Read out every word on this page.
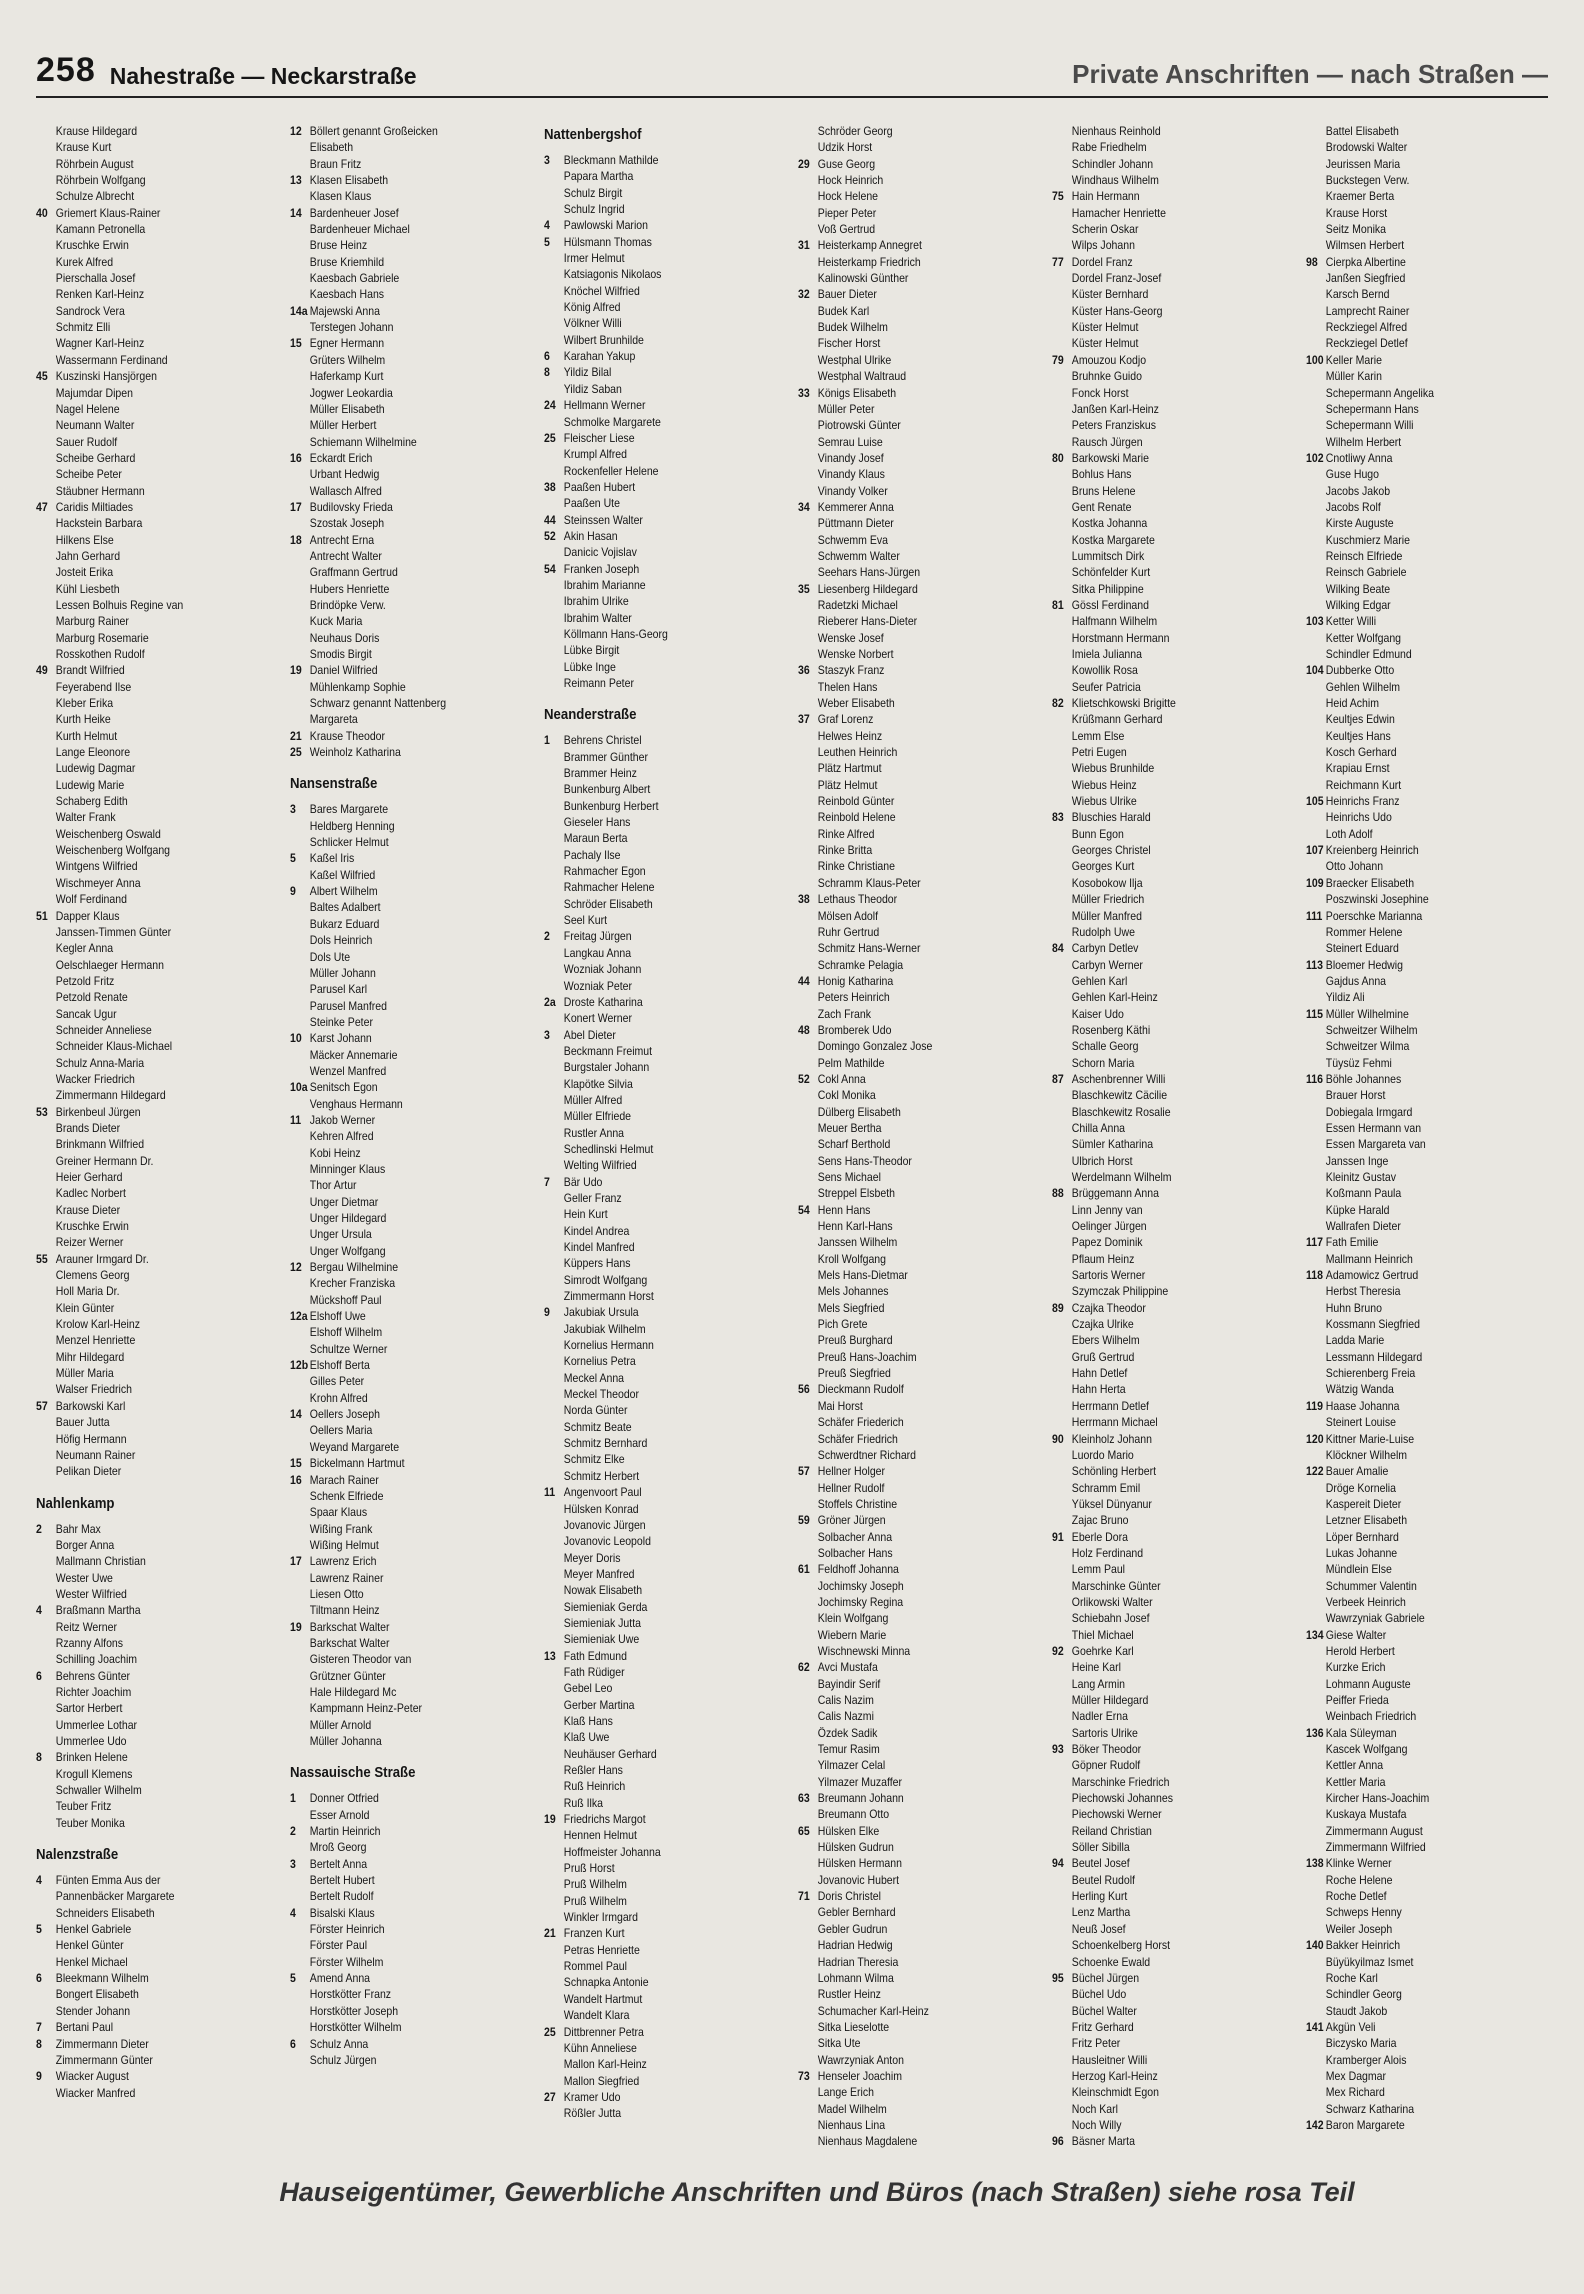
258 Nahestraße — Neckarstraße	Private Anschriften — nach Straßen —
Krause Hildegard
Krause Kurt
Röhrbein August
Röhrbein Wolfgang
Schulze Albrecht
40 Griemert Klaus-Rainer
Kamann Petronella
Kruschke Erwin
Kurek Alfred
Pierschalla Josef
Renken Karl-Heinz
Sandrock Vera
Schmitz Elli
Wagner Karl-Heinz
Wassermann Ferdinand
45 Kuszinski Hansjörgen
Majumdar Dipen
Nagel Helene
Neumann Walter
Sauer Rudolf
Scheibe Gerhard
Scheibe Peter
Stäubner Hermann
47 Caridis Miltiades
Hackstein Barbara
Hilkens Else
Jahn Gerhard
Josteit Erika
Kühl Liesbeth
Lessen Bolhuis Regine van
Marburg Rainer
Marburg Rosemarie
Rosskothen Rudolf
49 Brandt Wilfried
Feyerabend Ilse
Kleber Erika
Kurth Heike
Kurth Helmut
Lange Eleonore
Ludewig Dagmar
Ludewig Marie
Schaberg Edith
Walter Frank
Weischenberg Oswald
Weischenberg Wolfgang
Wintgens Wilfried
Wischmeyer Anna
Wolf Ferdinand
51 Dapper Klaus
Janssen-Timmen Günter
Kegler Anna
Oelschlaeger Hermann
Petzold Fritz
Petzold Renate
Sancak Ugur
Schneider Anneliese
Schneider Klaus-Michael
Schulz Anna-Maria
Wacker Friedrich
Zimmermann Hildegard
53 Birkenbeul Jürgen
Brands Dieter
Brinkmann Wilfried
Greiner Hermann Dr.
Heier Gerhard
Kadlec Norbert
Krause Dieter
Kruschke Erwin
Reizer Werner
55 Arauner Irmgard Dr.
Clemens Georg
Holl Maria Dr.
Klein Günter
Krolow Karl-Heinz
Menzel Henriette
Mihr Hildegard
Müller Maria
Walser Friedrich
57 Barkowski Karl
Bauer Jutta
Höfig Hermann
Neumann Rainer
Pelikan Dieter
Nahlenkamp
2	Bahr Max
Borger Anna
Mallmann Christian
Wester Uwe
Wester Wilfried
4	Braßmann Martha
Reitz Werner
Rzanny Alfons
Schilling Joachim
6	Behrens Günter
Richter Joachim
Sartor Herbert
Ummerlee Lothar
Ummerlee Udo
8	Brinken Helene
Krogull Klemens
Schwaller Wilhelm
Teuber Fritz
Teuber Monika
Nalenzstraße
4	Fünten Emma Aus der
Pannenbäcker Margarete
Schneiders Elisabeth
5	Henkel Gabriele
Henkel Günter
Henkel Michael
6	Bleekmann Wilhelm
Bongert Elisabeth
Stender Johann
7	Bertani Paul
8	Zimmermann Dieter
Zimmermann Günter
9	Wiacker August
Wiacker Manfred
12 Böllert genannt Großeicken
Elisabeth
Braun Fritz
13 Klasen Elisabeth
Klasen Klaus
14 Bardenheuer Josef
Bardenheuer Michael
Bruse Heinz
Bruse Kriemhild
Kaesbach Gabriele
Kaesbach Hans
14a Majewski Anna
Terstegen Johann
15 Egner Hermann
Grüters Wilhelm
Haferkamp Kurt
Jogwer Leokardia
Müller Elisabeth
Müller Herbert
Schiemann Wilhelmine
16 Eckardt Erich
Urbant Hedwig
Wallasch Alfred
17 Budilovsky Frieda
Szostak Joseph
18 Antrecht Erna
Antrecht Walter
Graffmann Gertrud
Hubers Henriette
Brindöpke Verw.
Kuck Maria
Neuhaus Doris
Smodis Birgit
19 Daniel Wilfried
Mühlenkamp Sophie
Schwarz genannt Nattenberg
Margareta
21 Krause Theodor
25 Weinholz Katharina
Nansenstraße
3	Bares Margarete
Heldberg Henning
Schlicker Helmut
5	Kaßel Iris
Kaßel Wilfried
9	Albert Wilhelm
Baltes Adalbert
Bukarz Eduard
Dols Heinrich
Dols Ute
Müller Johann
Parusel Karl
Parusel Manfred
Steinke Peter
10 Karst Johann
Mäcker Annemarie
Wenzel Manfred
10a Senitsch Egon
Venghaus Hermann
11 Jakob Werner
Kehren Alfred
Kobi Heinz
Minninger Klaus
Thor Artur
Unger Dietmar
Unger Hildegard
Unger Ursula
Unger Wolfgang
12 Bergau Wilhelmine
Krecher Franziska
Mückshoff Paul
12a Elshoff Uwe
Elshoff Wilhelm
Schultze Werner
12b Elshoff Berta
Gilles Peter
Krohn Alfred
14 Oellers Joseph
Oellers Maria
Weyand Margarete
15 Bickelmann Hartmut
16 Marach Rainer
Schenk Elfriede
Spaar Klaus
Wißing Frank
Wißing Helmut
17 Lawrenz Erich
Lawrenz Rainer
Liesen Otto
Tiltmann Heinz
19 Barkschat Walter
Barkschat Walter
Gisteren Theodor van
Grützner Günter
Hale Hildegard Mc
Kampmann Heinz-Peter
Müller Arnold
Müller Johanna
Nassauische Straße
1	Donner Otfried
Esser Arnold
2	Martin Heinrich
Mroß Georg
3	Bertelt Anna
Bertelt Hubert
Bertelt Rudolf
4	Bisalski Klaus
Förster Heinrich
Förster Paul
Förster Wilhelm
5	Amend Anna
Horstkötter Franz
Horstkötter Joseph
Horstkötter Wilhelm
6	Schulz Anna
Schulz Jürgen
Nattenbergshof
3	Bleckmann Mathilde
Papara Martha
Schulz Birgit
Schulz Ingrid
4	Pawlowski Marion
5	Hülsmann Thomas
Irmer Helmut
Katsiagonis Nikolaos
Knöchel Wilfried
König Alfred
Völkner Willi
Wilbert Brunhilde
6	Karahan Yakup
8	Yildiz Bilal
Yildiz Saban
24 Hellmann Werner
Schmolke Margarete
25 Fleischer Liese
Krumpl Alfred
Rockenfeller Helene
38 Paaßen Hubert
Paaßen Ute
44 Steinssen Walter
52 Akin Hasan
Danicic Vojislav
54 Franken Joseph
Ibrahim Marianne
Ibrahim Ulrike
Ibrahim Walter
Köllmann Hans-Georg
Lübke Birgit
Lübke Inge
Reimann Peter
Neanderstraße
1	Behrens Christel
Brammer Günther
Brammer Heinz
Bunkenburg Albert
Bunkenburg Herbert
Gieseler Hans
Maraun Berta
Pachaly Ilse
Rahmacher Egon
Rahmacher Helene
Schröder Elisabeth
Seel Kurt
2	Freitag Jürgen
Langkau Anna
Wozniak Johann
Wozniak Peter
2a Droste Katharina
Konert Werner
3	Abel Dieter
Beckmann Freimut
Burgstaler Johann
Klapötke Silvia
Müller Alfred
Müller Elfriede
Rustler Anna
Schedlinski Helmut
Welting Wilfried
7	Bär Udo
Geller Franz
Hein Kurt
Kindel Andrea
Kindel Manfred
Küppers Hans
Simrodt Wolfgang
Zimmermann Horst
9	Jakubiak Ursula
Jakubiak Wilhelm
Kornelius Hermann
Kornelius Petra
Meckel Anna
Meckel Theodor
Norda Günter
Schmitz Beate
Schmitz Bernhard
Schmitz Elke
Schmitz Herbert
11 Angenvoort Paul
Hülsken Konrad
Jovanovic Jürgen
Jovanovic Leopold
Meyer Doris
Meyer Manfred
Nowak Elisabeth
Siemieniak Gerda
Siemieniak Jutta
Siemieniak Uwe
13 Fath Edmund
Fath Rüdiger
Gebel Leo
Gerber Martina
Klaß Hans
Klaß Uwe
Neuhäuser Gerhard
Reßler Hans
Ruß Heinrich
Ruß Ilka
19 Friedrichs Margot
Hennen Helmut
Hoffmeister Johanna
Pruß Horst
Pruß Wilhelm
Pruß Wilhelm
Winkler Irmgard
21 Franzen Kurt
Petras Henriette
Rommel Paul
Schnapka Antonie
Wandelt Hartmut
Wandelt Klara
25 Dittbrenner Petra
Kühn Anneliese
Mallon Karl-Heinz
Mallon Siegfried
27 Kramer Udo
Rößler Jutta
Schröder Georg
Udzik Horst
29 Guse Georg
Hock Heinrich
Hock Helene
Pieper Peter
Voß Gertrud
31 Heisterkamp Annegret
Heisterkamp Friedrich
Kalinowski Günther
32 Bauer Dieter
Budek Karl
Budek Wilhelm
Fischer Horst
Westphal Ulrike
Westphal Waltraud
33 Königs Elisabeth
Müller Peter
Piotrowski Günter
Semrau Luise
Vinandy Josef
Vinandy Klaus
Vinandy Volker
34 Kemmerer Anna
Püttmann Dieter
Schwemm Eva
Schwemm Walter
Seehars Hans-Jürgen
35 Liesenberg Hildegard
Radetzki Michael
Rieberer Hans-Dieter
Wenske Josef
Wenske Norbert
36 Staszyk Franz
Thelen Hans
Weber Elisabeth
37 Graf Lorenz
Helwes Heinz
Leuthen Heinrich
Plätz Hartmut
Plätz Helmut
Reinbold Günter
Reinbold Helene
Rinke Alfred
Rinke Britta
Rinke Christiane
Schramm Klaus-Peter
38 Lethaus Theodor
Mölsen Adolf
Ruhr Gertrud
Schmitz Hans-Werner
Schramke Pelagia
44 Honig Katharina
Peters Heinrich
Zach Frank
48 Bromberek Udo
Domingo Gonzalez Jose
Pelm Mathilde
52 Cokl Anna
Cokl Monika
Dülberg Elisabeth
Meuer Bertha
Scharf Berthold
Sens Hans-Theodor
Sens Michael
Streppel Elsbeth
54 Henn Hans
Henn Karl-Hans
Janssen Wilhelm
Kroll Wolfgang
Mels Hans-Dietmar
Mels Johannes
Mels Siegfried
Pich Grete
Preuß Burghard
Preuß Hans-Joachim
Preuß Siegfried
56 Dieckmann Rudolf
Mai Horst
Schäfer Friederich
Schäfer Friedrich
Schwerdtner Richard
57 Hellner Holger
Hellner Rudolf
Stoffels Christine
59 Gröner Jürgen
Solbacher Anna
Solbacher Hans
61 Feldhoff Johanna
Jochimsky Joseph
Jochimsky Regina
Klein Wolfgang
Wiebern Marie
Wischnewski Minna
62 Avci Mustafa
Bayindir Serif
Calis Nazim
Calis Nazmi
Özdek Sadik
Temur Rasim
Yilmazer Celal
Yilmazer Muzaffer
63 Breumann Johann
Breumann Otto
65 Hülsken Elke
Hülsken Gudrun
Hülsken Hermann
Jovanovic Hubert
71 Doris Christel
Gebler Bernhard
Gebler Gudrun
Hadrian Hedwig
Hadrian Theresia
Lohmann Wilma
Rustler Heinz
Schumacher Karl-Heinz
Sitka Lieselotte
Sitka Ute
Wawrzyniak Anton
73 Henseler Joachim
Lange Erich
Madel Wilhelm
Nienhaus Lina
Nienhaus Magdalene
Nienhaus Reinhold
Rabe Friedhelm
Schindler Johann
Windhaus Wilhelm
75 Hain Hermann
Hamacher Henriette
Scherin Oskar
Wilps Johann
77 Dordel Franz
Dordel Franz-Josef
Küster Bernhard
Küster Hans-Georg
Küster Helmut
Küster Helmut
79 Amouzou Kodjo
Bruhnke Guido
Fonck Horst
Janßen Karl-Heinz
Peters Franziskus
Rausch Jürgen
80 Barkowski Marie
Bohlus Hans
Bruns Helene
Gent Renate
Kostka Johanna
Kostka Margarete
Lummitsch Dirk
Schönfelder Kurt
Sitka Philippine
81 Gössl Ferdinand
Halfmann Wilhelm
Horstmann Hermann
Imiela Julianna
Kowollik Rosa
Seufer Patricia
82 Klietschkowski Brigitte
Krüßmann Gerhard
Lemm Else
Petri Eugen
Wiebus Brunhilde
Wiebus Heinz
Wiebus Ulrike
83 Bluschies Harald
Bunn Egon
Georges Christel
Georges Kurt
Kosobokow Ilja
Müller Friedrich
Müller Manfred
Rudolph Uwe
84 Carbyn Detlev
Carbyn Werner
Gehlen Karl
Gehlen Karl-Heinz
Kaiser Udo
Rosenberg Käthi
Schalle Georg
Schorn Maria
87 Aschenbrenner Willi
Blaschkewitz Cäcilie
Blaschkewitz Rosalie
Chilla Anna
Sümler Katharina
Ulbrich Horst
Werdelmann Wilhelm
88 Brüggemann Anna
Linn Jenny van
Oelinger Jürgen
Papez Dominik
Pflaum Heinz
Sartoris Werner
Szymczak Philippine
89 Czajka Theodor
Czajka Ulrike
Ebers Wilhelm
Gruß Gertrud
Hahn Detlef
Hahn Herta
Herrmann Detlef
Herrmann Michael
90 Kleinholz Johann
Luordo Mario
Schönling Herbert
Schramm Emil
Yüksel Dünyanur
Zajac Bruno
91 Eberle Dora
Holz Ferdinand
Lemm Paul
Marschinke Günter
Orlikowski Walter
Schiebahn Josef
Thiel Michael
92 Goehrke Karl
Heine Karl
Lang Armin
Müller Hildegard
Nadler Erna
Sartoris Ulrike
93 Böker Theodor
Göpner Rudolf
Marschinke Friedrich
Piechowski Johannes
Piechowski Werner
Reiland Christian
Söller Sibilla
94 Beutel Josef
Beutel Rudolf
Herling Kurt
Lenz Martha
Neuß Josef
Schoenkelberg Horst
Schoenke Ewald
95 Büchel Jürgen
Büchel Udo
Büchel Walter
Fritz Gerhard
Fritz Peter
Hausleitner Willi
Herzog Karl-Heinz
Kleinschmidt Egon
Noch Karl
Noch Willy
96 Bäsner Marta
Battel Elisabeth
Brodowski Walter
Jeurissen Maria
Buckstegen Verw.
Kraemer Berta
Krause Horst
Seitz Monika
Wilmsen Herbert
98 Cierpka Albertine
Janßen Siegfried
Karsch Bernd
Lamprecht Rainer
Reckziegel Alfred
Reckziegel Detlef
100 Keller Marie
Müller Karin
Schepermann Angelika
Schepermann Hans
Schepermann Willi
Wilhelm Herbert
102 Cnotliwy Anna
Guse Hugo
Jacobs Jakob
Jacobs Rolf
Kirste Auguste
Kuschmierz Marie
Reinsch Elfriede
Reinsch Gabriele
Wilking Beate
Wilking Edgar
103 Ketter Willi
Ketter Wolfgang
Schindler Edmund
104 Dubberke Otto
Gehlen Wilhelm
Heid Achim
Keultjes Edwin
Keultjes Hans
Kosch Gerhard
Krapiau Ernst
Reichmann Kurt
105 Heinrichs Franz
Heinrichs Udo
Loth Adolf
107 Kreienberg Heinrich
Otto Johann
109 Braecker Elisabeth
Poszwinski Josephine
111 Poerschke Marianna
Rommer Helene
Steinert Eduard
113 Bloemer Hedwig
Gajdus Anna
Yildiz Ali
115 Müller Wilhelmine
Schweitzer Wilhelm
Schweitzer Wilma
Tüysüz Fehmi
116 Böhle Johannes
Brauer Horst
Dobiegala Irmgard
Essen Hermann van
Essen Margareta van
Janssen Inge
Kleinitz Gustav
Koßmann Paula
Küpke Harald
Wallrafen Dieter
117 Fath Emilie
Mallmann Heinrich
118 Adamowicz Gertrud
Herbst Theresia
Huhn Bruno
Kossmann Siegfried
Ladda Marie
Lessmann Hildegard
Schierenberg Freia
Wätzig Wanda
119 Haase Johanna
Steinert Louise
120 Kittner Marie-Luise
Klöckner Wilhelm
122 Bauer Amalie
Dröge Kornelia
Kaspereit Dieter
Letzner Elisabeth
Löper Bernhard
Lukas Johanne
Mündlein Else
Schummer Valentin
Verbeek Heinrich
Wawrzyniak Gabriele
134 Giese Walter
Herold Herbert
Kurzke Erich
Lohmann Auguste
Peiffer Frieda
Weinbach Friedrich
136 Kala Süleyman
Kascek Wolfgang
Kettler Anna
Kettler Maria
Kircher Hans-Joachim
Kuskaya Mustafa
Zimmermann August
Zimmermann Wilfried
138 Klinke Werner
Roche Helene
Roche Detlef
Schweps Henny
Weiler Joseph
140 Bakker Heinrich
Büyükyilmaz Ismet
Roche Karl
Schindler Georg
Staudt Jakob
141 Akgün Veli
Biczysko Maria
Kramberger Alois
Mex Dagmar
Mex Richard
Schwarz Katharina
142 Baron Margarete
Hauseigentümer, Gewerbliche Anschriften und Büros (nach Straßen) siehe rosa Teil
